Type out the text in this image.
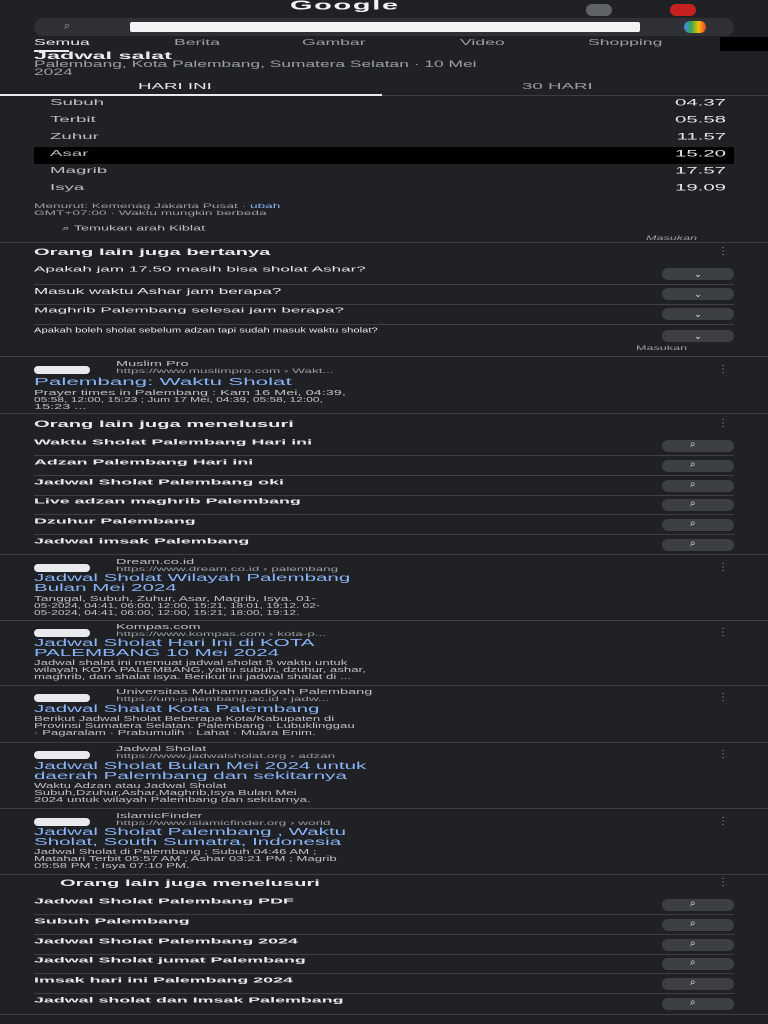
Google
⌕
Semua	Berita	Gambar	Video	Shopping
Jadwal salat
Palembang, Kota Palembang, Sumatera Selatan · 10 Mei
2024
HARI INI	30 HARI
Subuh	04.37
Terbit	05.58
Zuhur	11.57
Asar	15.20
Magrib	17.57
Isya	19.09
Menurut: Kemenag Jakarta Pusat · ubah
GMT+07:00 · Waktu mungkin berbeda
⌕ Temukan arah Kiblat
Masukan
Orang lain juga bertanya	⋮
Apakah jam 17.50 masih bisa sholat Ashar?	⌄
Masuk waktu Ashar jam berapa?	⌄
Maghrib Palembang selesai jam berapa?	⌄
Apakah boleh sholat sebelum adzan tapi sudah masuk waktu sholat?
⌄
Masukan
Muslim Pro
https://www.muslimpro.com › Wakt...	⋮
Palembang: Waktu Sholat
Prayer times in Palembang : Kam 16 Mei, 04:39,
05:58, 12:00, 15:23 ; Jum 17 Mei, 04:39, 05:58, 12:00,
15:23 ...
Orang lain juga menelusuri	⋮
Waktu Sholat Palembang Hari ini	⌕
Adzan Palembang Hari ini	⌕
Jadwal Sholat Palembang oki	⌕
Live adzan maghrib Palembang	⌕
Dzuhur Palembang	⌕
Jadwal imsak Palembang	⌕
Dream.co.id
https://www.dream.co.id › palembang	⋮
Jadwal Sholat Wilayah Palembang
Bulan Mei 2024
Tanggal, Subuh, Zuhur, Asar, Magrib, Isya. 01-
05-2024, 04:41, 06:00, 12:00, 15:21, 18:01, 19:12. 02-
05-2024, 04:41, 06:00, 12:00, 15:21, 18:00, 19:12.
Kompas.com
https://www.kompas.com › kota-p...	⋮
Jadwal Sholat Hari Ini di KOTA
PALEMBANG 10 Mei 2024
Jadwal shalat ini memuat jadwal sholat 5 waktu untuk
wilayah KOTA PALEMBANG, yaitu subuh, dzuhur, ashar,
maghrib, dan shalat isya. Berikut ini jadwal shalat di ...
Universitas Muhammadiyah Palembang
https://um-palembang.ac.id › jadw...	⋮
Jadwal Shalat Kota Palembang
Berikut Jadwal Sholat Beberapa Kota/Kabupaten di
Provinsi Sumatera Selatan. Palembang · Lubuklinggau
· Pagaralam · Prabumulih · Lahat · Muara Enim.
Jadwal Sholat
https://www.jadwalsholat.org › adzan	⋮
Jadwal Sholat Bulan Mei 2024 untuk
daerah Palembang dan sekitarnya
Waktu Adzan atau Jadwal Sholat
Subuh,Dzuhur,Ashar,Maghrib,Isya Bulan Mei
2024 untuk wilayah Palembang dan sekitarnya.
IslamicFinder
https://www.islamicfinder.org › world	⋮
Jadwal Sholat Palembang , Waktu
Sholat, South Sumatra, Indonesia
Jadwal Sholat di Palembang ; Subuh 04:46 AM ;
Matahari Terbit 05:57 AM ; Ashar 03:21 PM ; Magrib
05:58 PM ; Isya 07:10 PM.
Orang lain juga menelusuri	⋮
Jadwal Sholat Palembang PDF	⌕
Subuh Palembang	⌕
Jadwal Sholat Palembang 2024	⌕
Jadwal Sholat jumat Palembang	⌕
Imsak hari ini Palembang 2024	⌕
Jadwal sholat dan Imsak Palembang	⌕
